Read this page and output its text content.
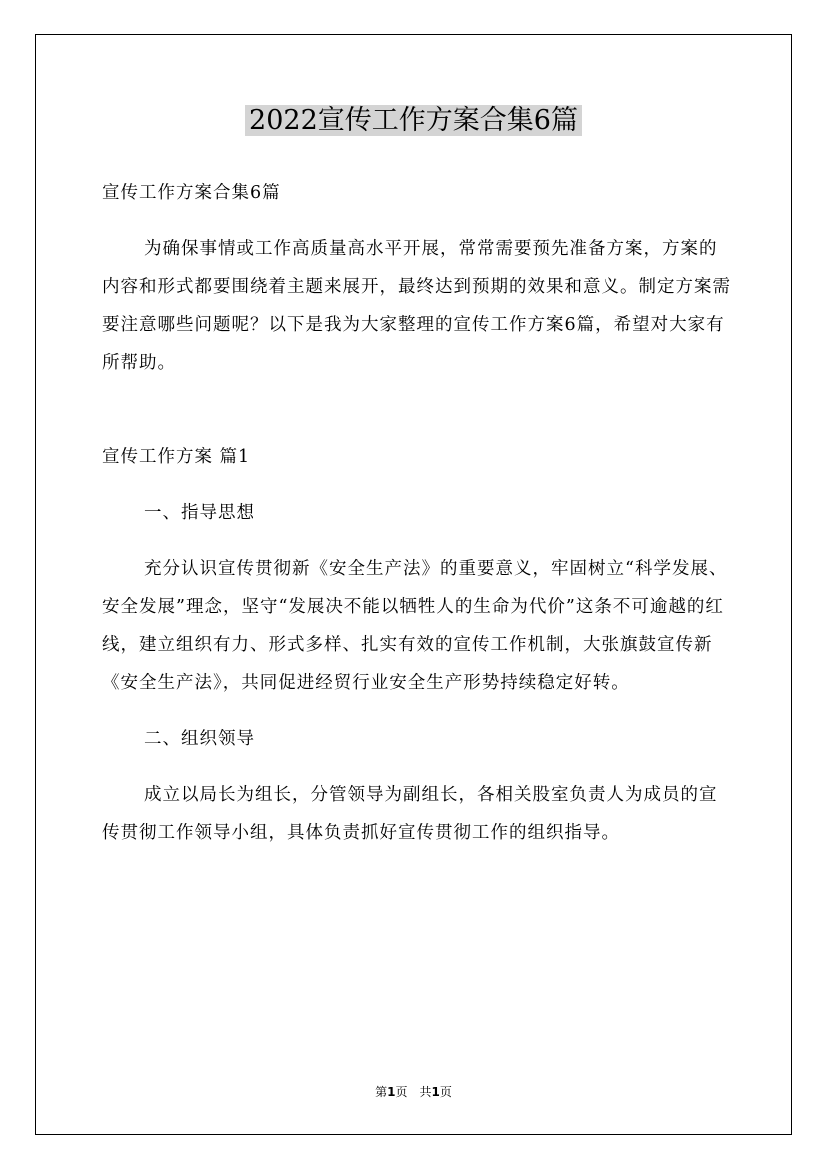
2022宣传工作方案合集6篇

宣传工作方案合集6篇

为确保事情或工作高质量高水平开展，常常需要预先准备方案，方案的内容和形式都要围绕着主题来展开，最终达到预期的效果和意义。制定方案需要注意哪些问题呢？以下是我为大家整理的宣传工作方案6篇，希望对大家有所帮助。

宣传工作方案 篇1

一、指导思想

充分认识宣传贯彻新《安全生产法》的重要意义，牢固树立“科学发展、安全发展”理念，坚守“发展决不能以牺牲人的生命为代价”这条不可逾越的红线，建立组织有力、形式多样、扎实有效的宣传工作机制，大张旗鼓宣传新《安全生产法》，共同促进经贸行业安全生产形势持续稳定好转。

二、组织领导

成立以局长为组长，分管领导为副组长，各相关股室负责人为成员的宣传贯彻工作领导小组，具体负责抓好宣传贯彻工作的组织指导。

第1页　共1页
